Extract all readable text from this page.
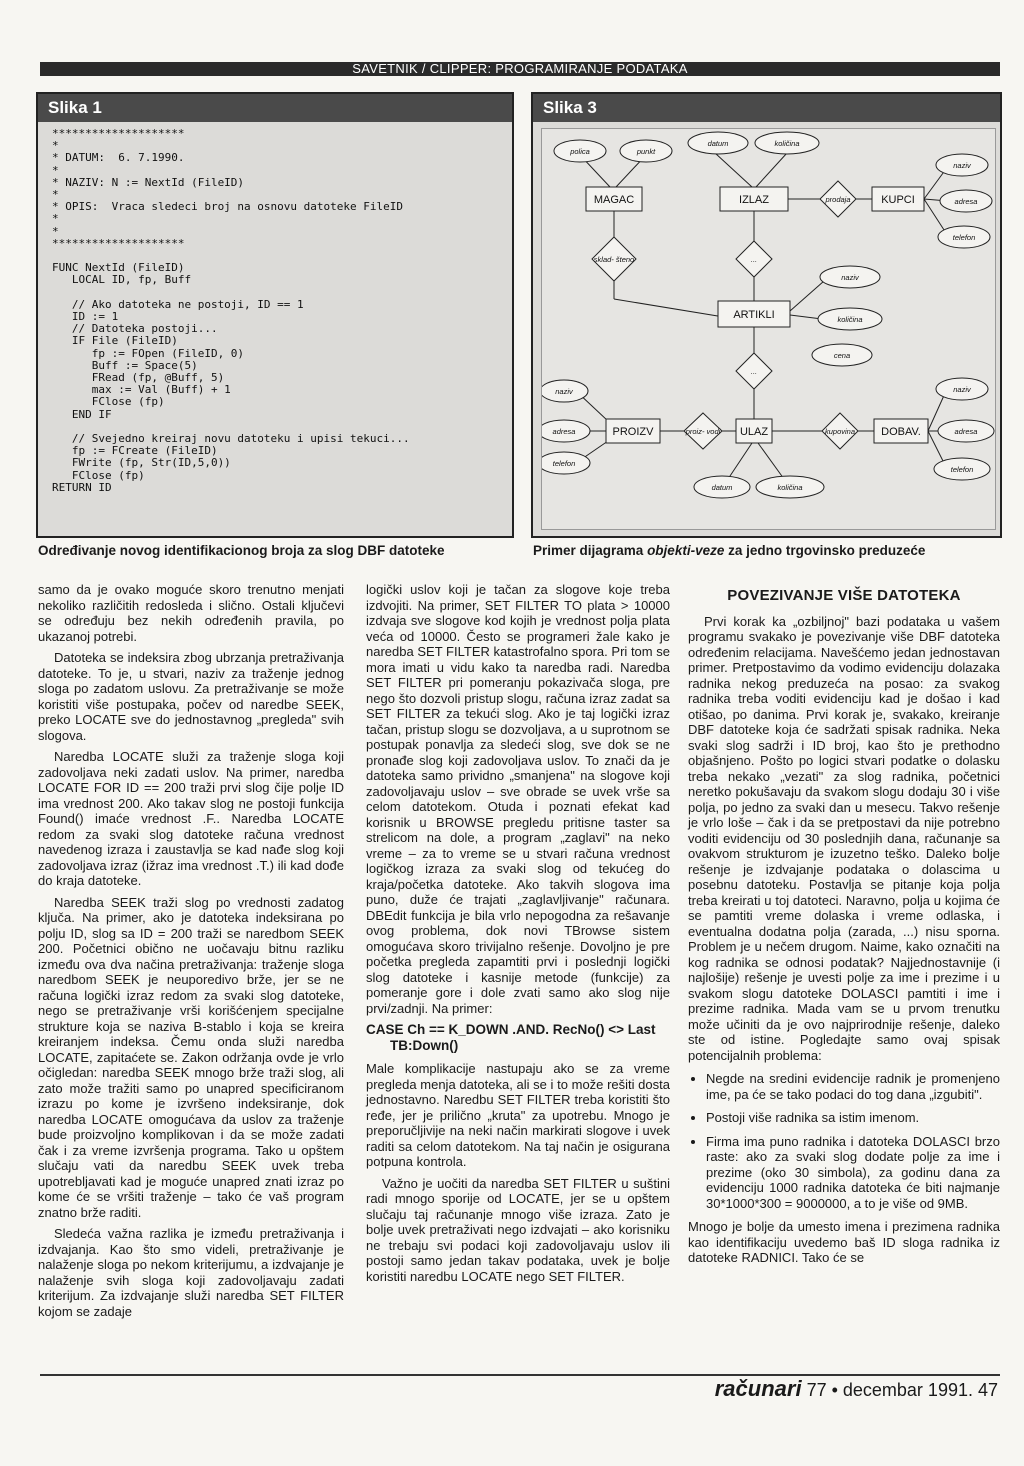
SAVETNIK / CLIPPER: PROGRAMIRANJE PODATAKA
Slika 1
********************
*
* DATUM:  6. 7.1990.
*
* NAZIV: N := NextId (FileID)
*
* OPIS:  Vraca sledeci broj na osnovu datoteke FileID
*
*
********************

FUNC NextId (FileID)
LOCAL ID, fp, Buff

// Ako datoteka ne postoji, ID == 1
ID := 1
// Datoteka postoji...
IF File (FileID)
fp := FOpen (FileID, 0)
Buff := Space(5)
FRead (fp, @Buff, 5)
max := Val (Buff) + 1
FClose (fp)
END IF

// Svejedno kreiraj novu datoteku i upisi tekuci...
fp := FCreate (FileID)
FWrite (fp, Str(ID,5,0))
FClose (fp)
RETURN ID
Slika 3
MAGAC	IZLAZ	KUPCI
ARTIKLI
PROIZV	ULAZ	DOBAV.
sklad- šteno
prodaja
...
...
proiz- vodi	kupovina
polica	punkt
datum	količina
naziv
adresa
telefon
naziv
količina
cena
naziv
adresa
telefon
naziv
adresa
telefon
datum	količina
Određivanje novog identifikacionog broja za slog DBF datoteke	Primer dijagrama objekti-veze za jedno trgovinsko preduzeće

samo da je ovako moguće skoro trenutno menjati nekoliko različitih redosleda i slično. Ostali ključevi se određuju bez nekih određenih pravila, po ukazanoj potrebi.

Datoteka se indeksira zbog ubrzanja pretraživanja datoteke. To je, u stvari, naziv za traženje jednog sloga po zadatom uslovu. Za pretraživanje se može koristiti više postupaka, počev od naredbe SEEK, preko LOCATE sve do jednostavnog „pregleda" svih slogova.

Naredba LOCATE služi za traženje sloga koji zadovoljava neki zadati uslov. Na primer, naredba LOCATE FOR ID == 200 traži prvi slog čije polje ID ima vrednost 200. Ako takav slog ne postoji funkcija Found() imaće vrednost .F.. Naredba LOCATE redom za svaki slog datoteke računa vrednost navedenog izraza i zaustavlja se kad nađe slog koji zadovoljava izraz (ižraz ima vrednost .T.) ili kad dođe do kraja datoteke.

Naredba SEEK traži slog po vrednosti zadatog ključa. Na primer, ako je datoteka indeksirana po polju ID, slog sa ID = 200 traži se naredbom SEEK 200. Početnici obično ne uočavaju bitnu razliku između ova dva načina pretraživanja: traženje sloga naredbom SEEK je neuporedivo brže, jer se ne računa logički izraz redom za svaki slog datoteke, nego se pretraživanje vrši korišćenjem specijalne strukture koja se naziva B-stablo i koja se kreira kreiranjem indeksa. Čemu onda služi naredba LOCATE, zapitaćete se. Zakon održanja ovde je vrlo očigledan: naredba SEEK mnogo brže traži slog, ali zato može tražiti samo po unapred specificiranom izrazu po kome je izvršeno indeksiranje, dok naredba LOCATE omogućava da uslov za traženje bude proizvoljno komplikovan i da se može zadati čak i za vreme izvršenja programa. Tako u opštem slučaju vati da naredbu SEEK uvek treba upotrebljavati kad je moguće unapred znati izraz po kome će se vršiti traženje – tako će vaš program znatno brže raditi.

Sledeća važna razlika je između pretraživanja i izdvajanja. Kao što smo videli, pretraživanje je nalaženje sloga po nekom kriterijumu, a izdvajanje je nalaženje svih sloga koji zadovoljavaju zadati kriterijum. Za izdvajanje služi naredba SET FILTER kojom se zadaje

logički uslov koji je tačan za slogove koje treba izdvojiti. Na primer, SET FILTER TO plata > 10000 izdvaja sve slogove kod kojih je vrednost polja plata veća od 10000. Često se programeri žale kako je naredba SET FILTER katastrofalno spora. Pri tom se mora imati u vidu kako ta naredba radi. Naredba SET FILTER pri pomeranju pokazivača sloga, pre nego što dozvoli pristup slogu, računa izraz zadat sa SET FILTER za tekući slog. Ako je taj logički izraz tačan, pristup slogu se dozvoljava, a u suprotnom se postupak ponavlja za sledeći slog, sve dok se ne pronađe slog koji zadovoljava uslov. To znači da je datoteka samo prividno „smanjena" na slogove koji zadovoljavaju uslov – sve obrade se uvek vrše sa celom datotekom. Otuda i poznati efekat kad korisnik u BROWSE pregledu pritisne taster sa strelicom na dole, a program „zaglavi" na neko vreme – za to vreme se u stvari računa vrednost logičkog izraza za svaki slog od tekućeg do kraja/početka datoteke. Ako takvih slogova ima puno, duže će trajati „zaglavljivanje" računara. DBEdit funkcija je bila vrlo nepogodna za rešavanje ovog problema, dok novi TBrowse sistem omogućava skoro trivijalno rešenje. Dovoljno je pre početka pregleda zapamtiti prvi i poslednji logički slog datoteke i kasnije metode (funkcije) za pomeranje gore i dole zvati samo ako slog nije prvi/zadnji. Na primer:

CASE Ch == K_DOWN .AND. RecNo() <> Last
TB:Down()

Male komplikacije nastupaju ako se za vreme pregleda menja datoteka, ali se i to može rešiti dosta jednostavno. Naredbu SET FILTER treba koristiti što ređe, jer je prilično „kruta" za upotrebu. Mnogo je preporučljivije na neki način markirati slogove i uvek raditi sa celom datotekom. Na taj način je osigurana potpuna kontrola.

Važno je uočiti da naredba SET FILTER u suštini radi mnogo sporije od LOCATE, jer se u opštem slučaju taj računanje mnogo više izraza. Zato je bolje uvek pretraživati nego izdvajati – ako korisniku ne trebaju svi podaci koji zadovoljavaju uslov ili postoji samo jedan takav podataka, uvek je bolje koristiti naredbu LOCATE nego SET FILTER.

POVEZIVANJE VIŠE DATOTEKA

Prvi korak ka „ozbiljnoj" bazi podataka u vašem programu svakako je povezivanje više DBF datoteka određenim relacijama. Navešćemo jedan jednostavan primer. Pretpostavimo da vodimo evidenciju dolazaka radnika nekog preduzeća na posao: za svakog radnika treba voditi evidenciju kad je došao i kad otišao, po danima. Prvi korak je, svakako, kreiranje DBF datoteke koja će sadržati spisak radnika. Neka svaki slog sadrži i ID broj, kao što je prethodno objašnjeno. Pošto po logici stvari podatke o dolasku treba nekako „vezati" za slog radnika, početnici neretko pokušavaju da svakom slogu dodaju 30 i više polja, po jedno za svaki dan u mesecu. Takvo rešenje je vrlo loše – čak i da se pretpostavi da nije potrebno voditi evidenciju od 30 poslednjih dana, računanje sa ovakvom strukturom je izuzetno teško. Daleko bolje rešenje je izdvajanje podataka o dolascima u posebnu datoteku. Postavlja se pitanje koja polja treba kreirati u toj datoteci. Naravno, polja u kojima će se pamtiti vreme dolaska i vreme odlaska, i eventualna dodatna polja (zarada, ...) nisu sporna. Problem je u nečem drugom. Naime, kako označiti na kog radnika se odnosi podatak? Najjednostavnije (i najlošije) rešenje je uvesti polje za ime i prezime i u svakom slogu datoteke DOLASCI pamtiti i ime i prezime radnika. Mada vam se u prvom trenutku može učiniti da je ovo najprirodnije rešenje, daleko ste od istine. Pogledajte samo ovaj spisak potencijalnih problema:

• Negde na sredini evidencije radnik je promenjeno ime, pa će se tako podaci do tog dana „izgubiti".
• Postoji više radnika sa istim imenom.
• Firma ima puno radnika i datoteka DOLASCI brzo raste: ako za svaki slog dodate polje za ime i prezime (oko 30 simbola), za godinu dana za evidenciju 1000 radnika datoteka će biti najmanje 30*1000*300 = 9000000, a to je više od 9MB.

Mnogo je bolje da umesto imena i prezimena radnika kao identifikaciju uvedemo baš ID sloga radnika iz datoteke RADNICI. Tako će se

računari 77 • decembar 1991. 47
